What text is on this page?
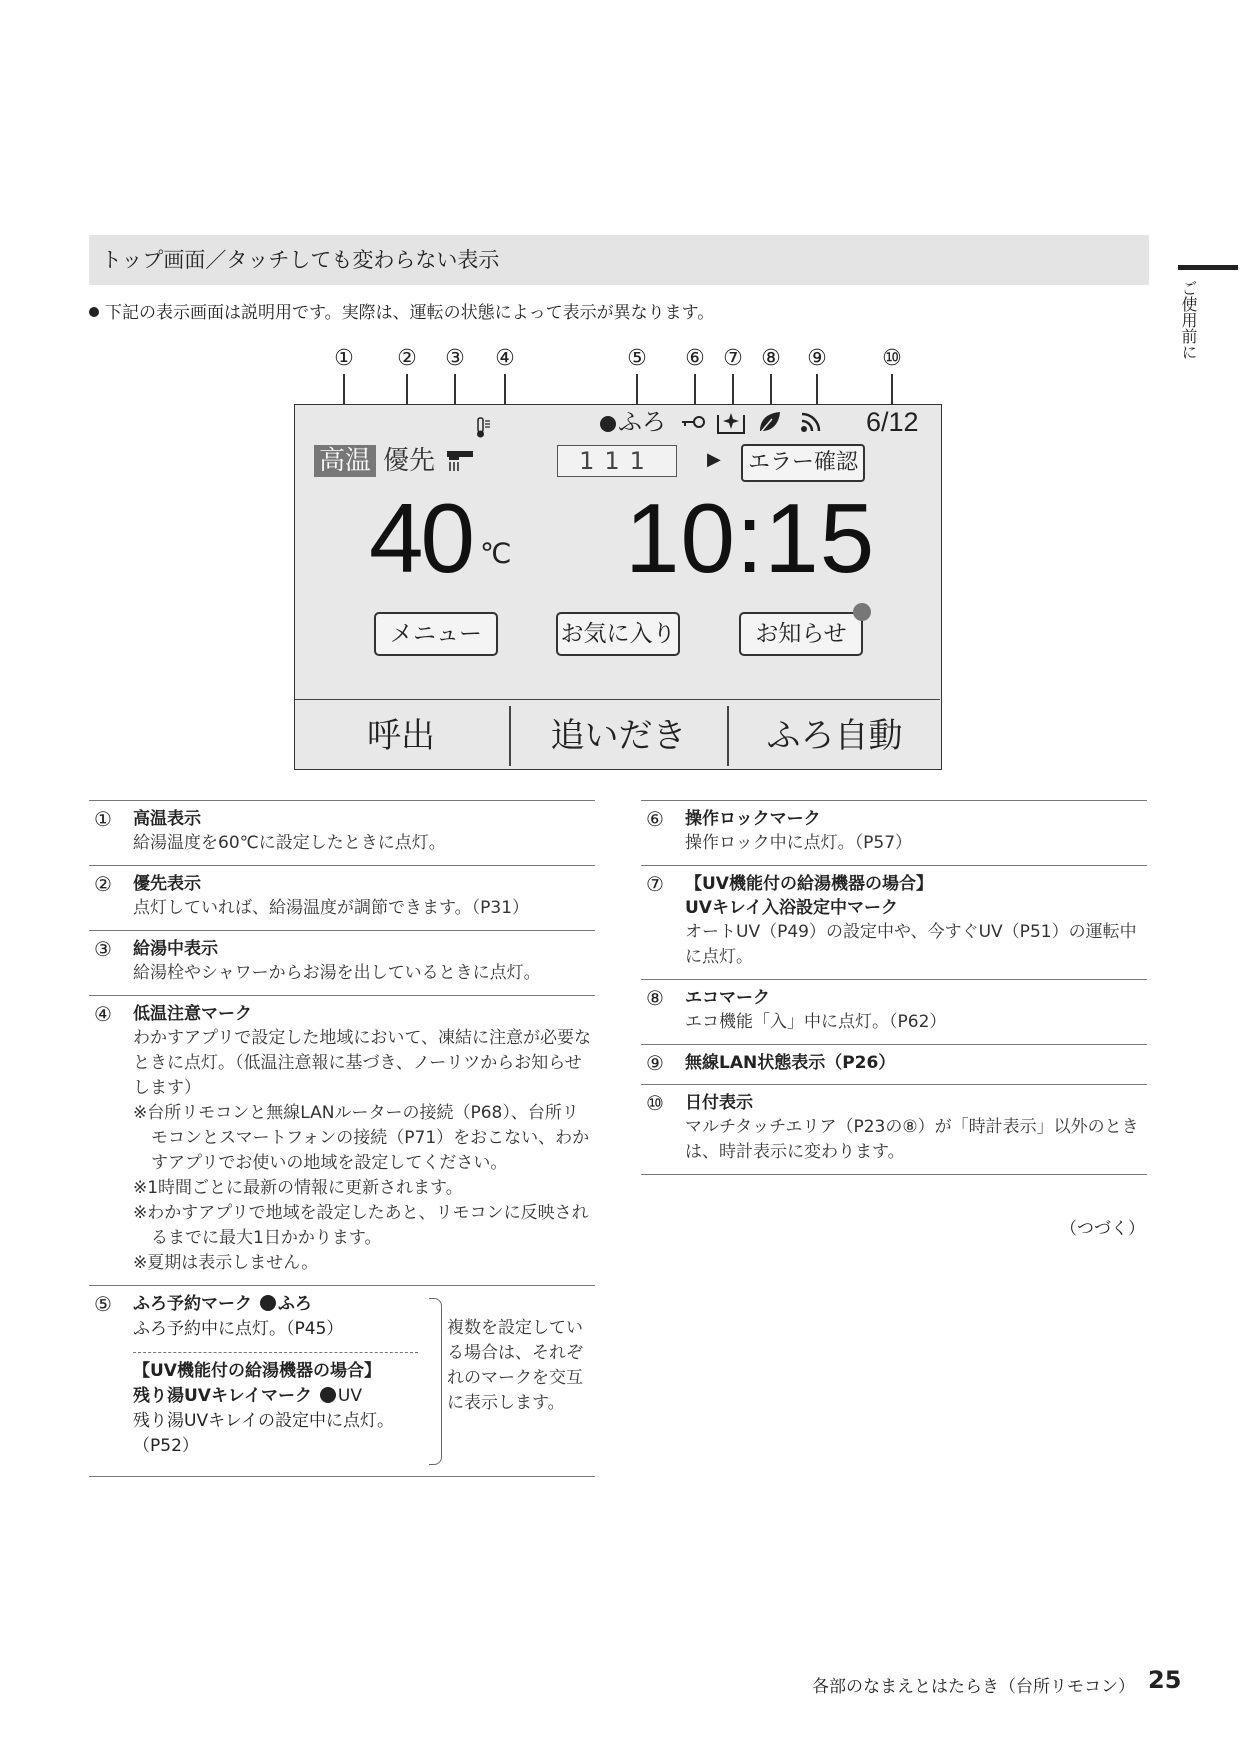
トップ画面／タッチしても変わらない表示
下記の表示画面は説明用です。実際は、運転の状態によって表示が異なります。	ご使用前に
① ② ③ ④	⑤ ⑥ ⑦ ⑧ ⑨	⑩
ふろ	6/12
高温 優先	111	▶	エラー確認
40 ℃ 10:15
メニュー	お気に入り	お知らせ
呼出	追いだき	ふろ自動
① 高温表示
給湯温度を60℃に設定したときに点灯。
② 優先表示
点灯していれば、給湯温度が調節できます。（P31）
③ 給湯中表示
給湯栓やシャワーからお湯を出しているときに点灯。
④ 低温注意マーク
わかすアプリで設定した地域において、凍結に注意が必要なときに点灯。（低温注意報に基づき、ノーリツからお知らせします）
※台所リモコンと無線LANルーターの接続（P68）、台所リモコンとスマートフォンの接続（P71）をおこない、わかすアプリでお使いの地域を設定してください。
※1時間ごとに最新の情報に更新されます。
※わかすアプリで地域を設定したあと、リモコンに反映されるまでに最大1日かかります。
※夏期は表示しません。
⑤ ふろ予約マーク ふろ
ふろ予約中に点灯。（P45）
【UV機能付の給湯機器の場合】
残り湯UVキレイマーク UV
残り湯UVキレイの設定中に点灯。（P52）
複数を設定している場合は、それぞれのマークを交互に表示します。
⑥ 操作ロックマーク
操作ロック中に点灯。（P57）
⑦ 【UV機能付の給湯機器の場合】
UVキレイ入浴設定中マーク
オートUV（P49）の設定中や、今すぐUV（P51）の運転中に点灯。
⑧ エコマーク
エコ機能「入」中に点灯。（P62）
⑨ 無線LAN状態表示（P26）
⑩ 日付表示
マルチタッチエリア（P23の⑧）が「時計表示」以外のときは、時計表示に変わります。
（つづく）
各部のなまえとはたらき（台所リモコン） 25
